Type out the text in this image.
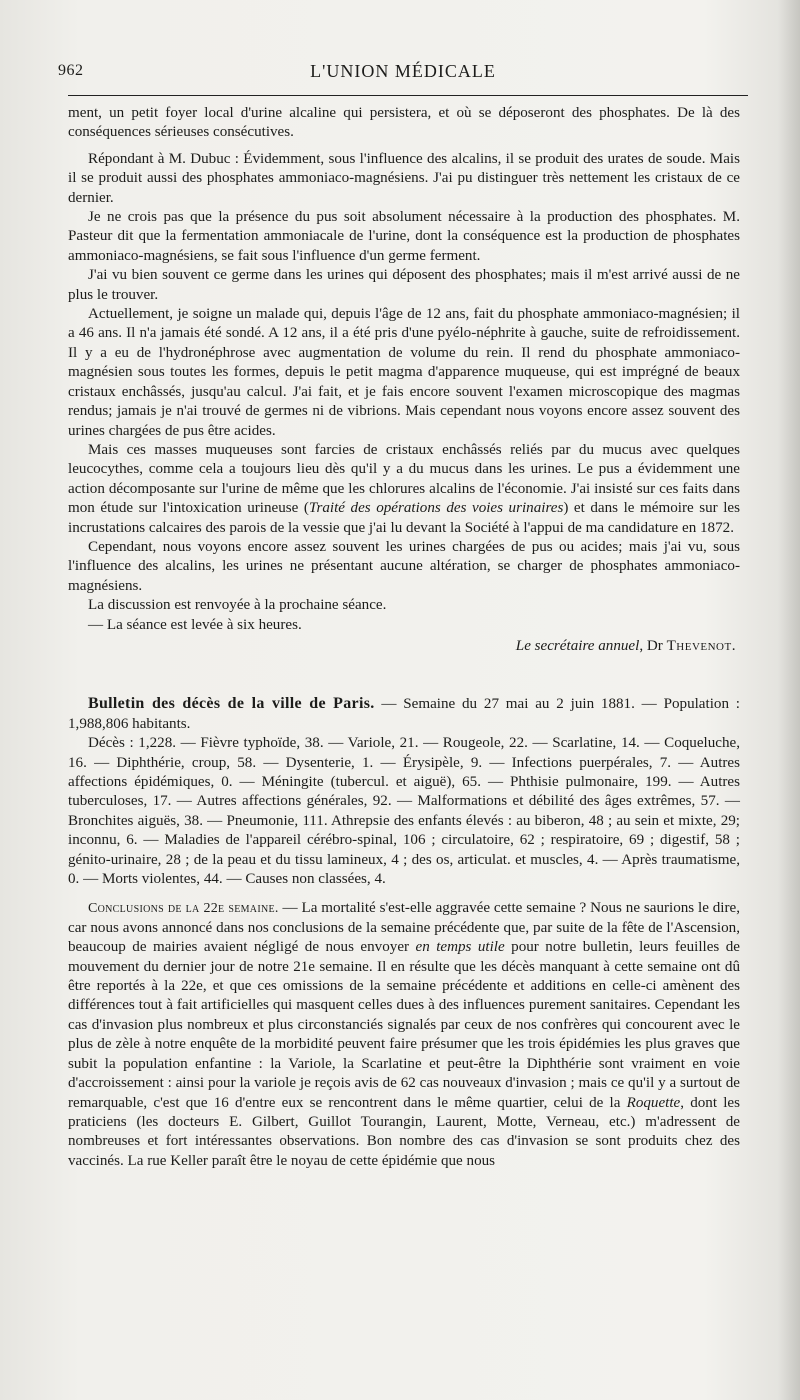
962	L'UNION MÉDICALE

ment, un petit foyer local d'urine alcaline qui persistera, et où se déposeront des phosphates. De là des conséquences sérieuses consécutives.

Répondant à M. Dubuc : Évidemment, sous l'influence des alcalins, il se produit des urates de soude. Mais il se produit aussi des phosphates ammoniaco-magnésiens. J'ai pu distinguer très nettement les cristaux de ce dernier.

Je ne crois pas que la présence du pus soit absolument nécessaire à la production des phosphates. M. Pasteur dit que la fermentation ammoniacale de l'urine, dont la conséquence est la production de phosphates ammoniaco-magnésiens, se fait sous l'influence d'un germe ferment.

J'ai vu bien souvent ce germe dans les urines qui déposent des phosphates; mais il m'est arrivé aussi de ne plus le trouver.

Actuellement, je soigne un malade qui, depuis l'âge de 12 ans, fait du phosphate ammoniaco-magnésien; il a 46 ans. Il n'a jamais été sondé. A 12 ans, il a été pris d'une pyélo-néphrite à gauche, suite de refroidissement. Il y a eu de l'hydronéphrose avec augmentation de volume du rein. Il rend du phosphate ammoniaco-magnésien sous toutes les formes, depuis le petit magma d'apparence muqueuse, qui est imprégné de beaux cristaux enchâssés, jusqu'au calcul. J'ai fait, et je fais encore souvent l'examen microscopique des magmas rendus; jamais je n'ai trouvé de germes ni de vibrions. Mais cependant nous voyons encore assez souvent des urines chargées de pus être acides.

Mais ces masses muqueuses sont farcies de cristaux enchâssés reliés par du mucus avec quelques leucocythes, comme cela a toujours lieu dès qu'il y a du mucus dans les urines. Le pus a évidemment une action décomposante sur l'urine de même que les chlorures alcalins de l'économie. J'ai insisté sur ces faits dans mon étude sur l'intoxication urineuse (Traité des opérations des voies urinaires) et dans le mémoire sur les incrustations calcaires des parois de la vessie que j'ai lu devant la Société à l'appui de ma candidature en 1872.

Cependant, nous voyons encore assez souvent les urines chargées de pus ou acides; mais j'ai vu, sous l'influence des alcalins, les urines ne présentant aucune altération, se charger de phosphates ammoniaco-magnésiens.

La discussion est renvoyée à la prochaine séance.

— La séance est levée à six heures.

Le secrétaire annuel, Dr Thevenot.

Bulletin des décès de la ville de Paris. — Semaine du 27 mai au 2 juin 1881. — Population : 1,988,806 habitants.

Décès : 1,228. — Fièvre typhoïde, 38. — Variole, 21. — Rougeole, 22. — Scarlatine, 14. — Coqueluche, 16. — Diphthérie, croup, 58. — Dysenterie, 1. — Érysipèle, 9. — Infections puerpérales, 7. — Autres affections épidémiques, 0. — Méningite (tubercul. et aiguë), 65. — Phthisie pulmonaire, 199. — Autres tuberculoses, 17. — Autres affections générales, 92. — Malformations et débilité des âges extrêmes, 57. — Bronchites aiguës, 38. — Pneumonie, 111. Athrepsie des enfants élevés : au biberon, 48 ; au sein et mixte, 29; inconnu, 6. — Maladies de l'appareil cérébro-spinal, 106 ; circulatoire, 62 ; respiratoire, 69 ; digestif, 58 ; génito-urinaire, 28 ; de la peau et du tissu lamineux, 4 ; des os, articulat. et muscles, 4. — Après traumatisme, 0. — Morts violentes, 44. — Causes non classées, 4.

Conclusions de la 22e semaine. — La mortalité s'est-elle aggravée cette semaine ? Nous ne saurions le dire, car nous avons annoncé dans nos conclusions de la semaine précédente que, par suite de la fête de l'Ascension, beaucoup de mairies avaient négligé de nous envoyer en temps utile pour notre bulletin, leurs feuilles de mouvement du dernier jour de notre 21e semaine. Il en résulte que les décès manquant à cette semaine ont dû être reportés à la 22e, et que ces omissions de la semaine précédente et additions en celle-ci amènent des différences tout à fait artificielles qui masquent celles dues à des influences purement sanitaires. Cependant les cas d'invasion plus nombreux et plus circonstanciés signalés par ceux de nos confrères qui concourent avec le plus de zèle à notre enquête de la morbidité peuvent faire présumer que les trois épidémies les plus graves que subit la population enfantine : la Variole, la Scarlatine et peut-être la Diphthérie sont vraiment en voie d'accroissement : ainsi pour la variole je reçois avis de 62 cas nouveaux d'invasion ; mais ce qu'il y a surtout de remarquable, c'est que 16 d'entre eux se rencontrent dans le même quartier, celui de la Roquette, dont les praticiens (les docteurs E. Gilbert, Guillot Tourangin, Laurent, Motte, Verneau, etc.) m'adressent de nombreuses et fort intéressantes observations. Bon nombre des cas d'invasion se sont produits chez des vaccinés. La rue Keller paraît être le noyau de cette épidémie que nous
